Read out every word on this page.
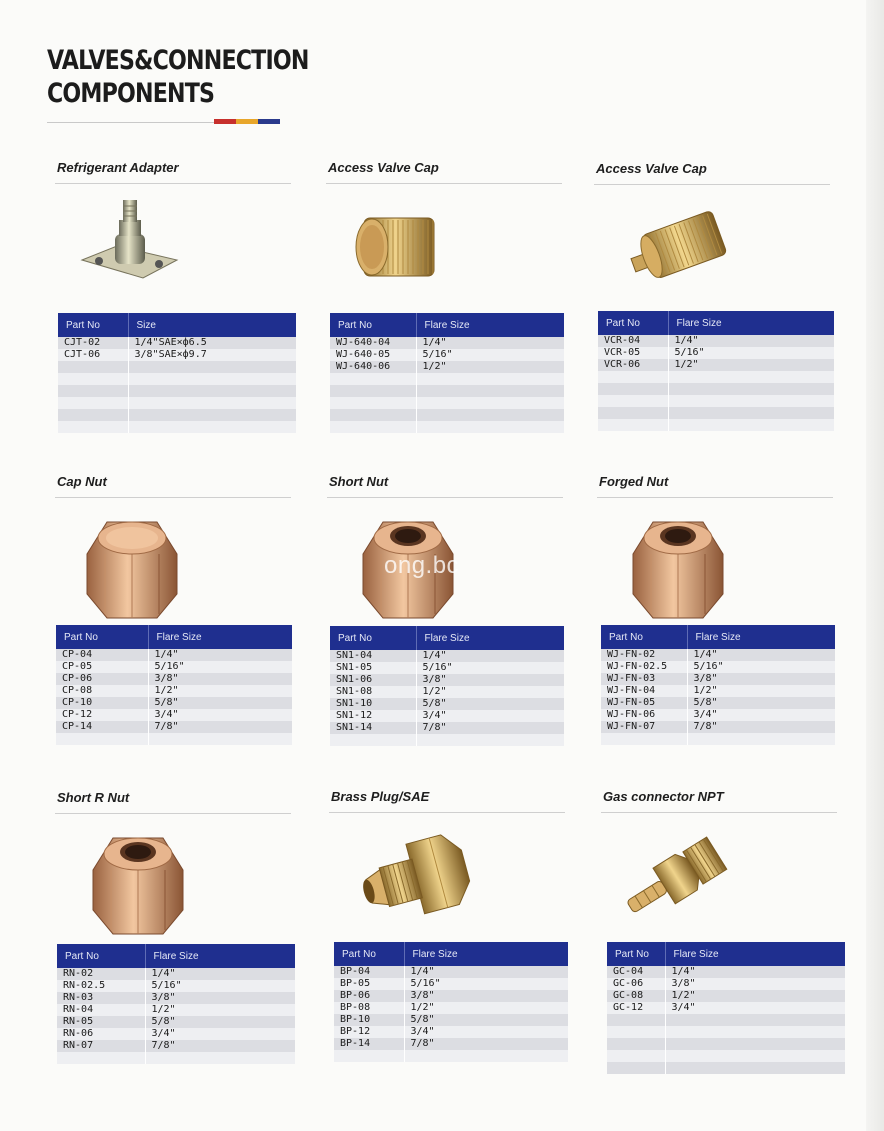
VALVES&CONNECTION
COMPONENTS
Refrigerant Adapter
Part No	Size
CJT-02	1/4"SAE×ф6.5
CJT-06	3/8"SAE×ф9.7

Access Valve Cap
Part No	Flare Size
WJ-640-04	1/4"
WJ-640-05	5/16"
WJ-640-06	1/2"

Access Valve Cap
Part No	Flare Size
VCR-04	1/4"
VCR-05	5/16"
VCR-06	1/2"

Cap Nut
Part No	Flare Size
CP-04	1/4"
CP-05	5/16"
CP-06	3/8"
CP-08	1/2"
CP-10	5/8"
CP-12	3/4"
CP-14	7/8"

Short Nut
Part No	Flare Size
SN1-04	1/4"
SN1-05	5/16"
SN1-06	3/8"
SN1-08	1/2"
SN1-10	5/8"
SN1-12	3/4"
SN1-14	7/8"

Forged Nut
Part No	Flare Size
WJ-FN-02	1/4"
WJ-FN-02.5	5/16"
WJ-FN-03	3/8"
WJ-FN-04	1/2"
WJ-FN-05	5/8"
WJ-FN-06	3/4"
WJ-FN-07	7/8"

Short R Nut
Part No	Flare Size
RN-02	1/4"
RN-02.5	5/16"
RN-03	3/8"
RN-04	1/2"
RN-05	5/8"
RN-06	3/4"
RN-07	7/8"

Brass Plug/SAE
Part No	Flare Size
BP-04	1/4"
BP-05	5/16"
BP-06	3/8"
BP-08	1/2"
BP-10	5/8"
BP-12	3/4"
BP-14	7/8"

Gas connector NPT
Part No	Flare Size
GC-04	1/4"
GC-06	3/8"
GC-08	1/2"
GC-12	3/4"

ong.bc
